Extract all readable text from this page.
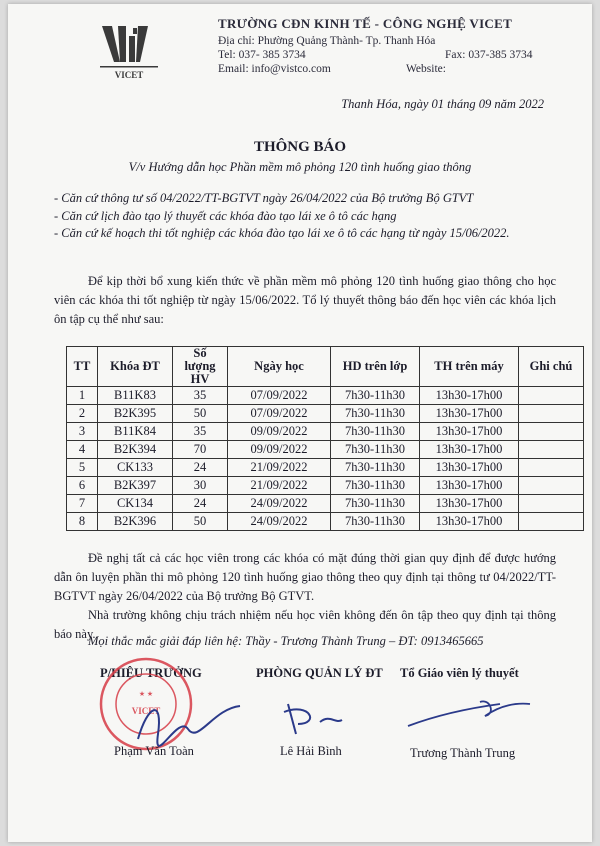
VICET
TRƯỜNG CĐN KINH TẾ - CÔNG NGHỆ VICET
Địa chỉ: Phường Quảng Thành- Tp. Thanh Hóa
Tel: 037- 385 3734	Fax: 037-385 3734
Email: info@vistco.com	Website:
Thanh Hóa, ngày 01 tháng 09 năm 2022
THÔNG BÁO
V/v Hướng dẫn học Phần mềm mô phỏng 120 tình huống giao thông
- Căn cứ thông tư số 04/2022/TT-BGTVT ngày 26/04/2022 của Bộ trưởng Bộ GTVT
- Căn cứ lịch đào tạo lý thuyết các khóa đào tạo lái xe ô tô các hạng
- Căn cứ kế hoạch thi tốt nghiệp các khóa đào tạo lái xe ô tô các hạng từ ngày 15/06/2022.
Để kịp thời bổ xung kiến thức về phần mềm mô phỏng 120 tình huống giao thông cho học viên các khóa thi tốt nghiệp từ ngày 15/06/2022. Tổ lý thuyết thông báo đến học viên các khóa lịch ôn tập cụ thể như sau:
TT	Khóa ĐT	Số lượng HV	Ngày học	HD trên lớp	TH trên máy	Ghi chú
1	B11K83	35	07/09/2022	7h30-11h30	13h30-17h00	
2	B2K395	50	07/09/2022	7h30-11h30	13h30-17h00	
3	B11K84	35	09/09/2022	7h30-11h30	13h30-17h00	
4	B2K394	70	09/09/2022	7h30-11h30	13h30-17h00	
5	CK133	24	21/09/2022	7h30-11h30	13h30-17h00	
6	B2K397	30	21/09/2022	7h30-11h30	13h30-17h00	
7	CK134	24	24/09/2022	7h30-11h30	13h30-17h00	
8	B2K396	50	24/09/2022	7h30-11h30	13h30-17h00	
Đề nghị tất cả các học viên trong các khóa có mặt đúng thời gian quy định để được hướng dẫn ôn luyện phần thi mô phỏng 120 tình huống giao thông theo quy định tại thông tư 04/2022/TT-BGTVT ngày 26/04/2022 của Bộ trưởng Bộ GTVT.
Nhà trường không chịu trách nhiệm nếu học viên không đến ôn tập theo quy định tại thông báo này.
Mọi thắc mắc giải đáp liên hệ: Thầy - Trương Thành Trung – ĐT: 0913465665
P/HIỆU TRƯỞNG	PHÒNG QUẢN LÝ ĐT Tổ Giáo viên lý thuyết
★ ★
VICET
Phạm Văn Toàn	Lê Hải Bình	Trương Thành Trung
